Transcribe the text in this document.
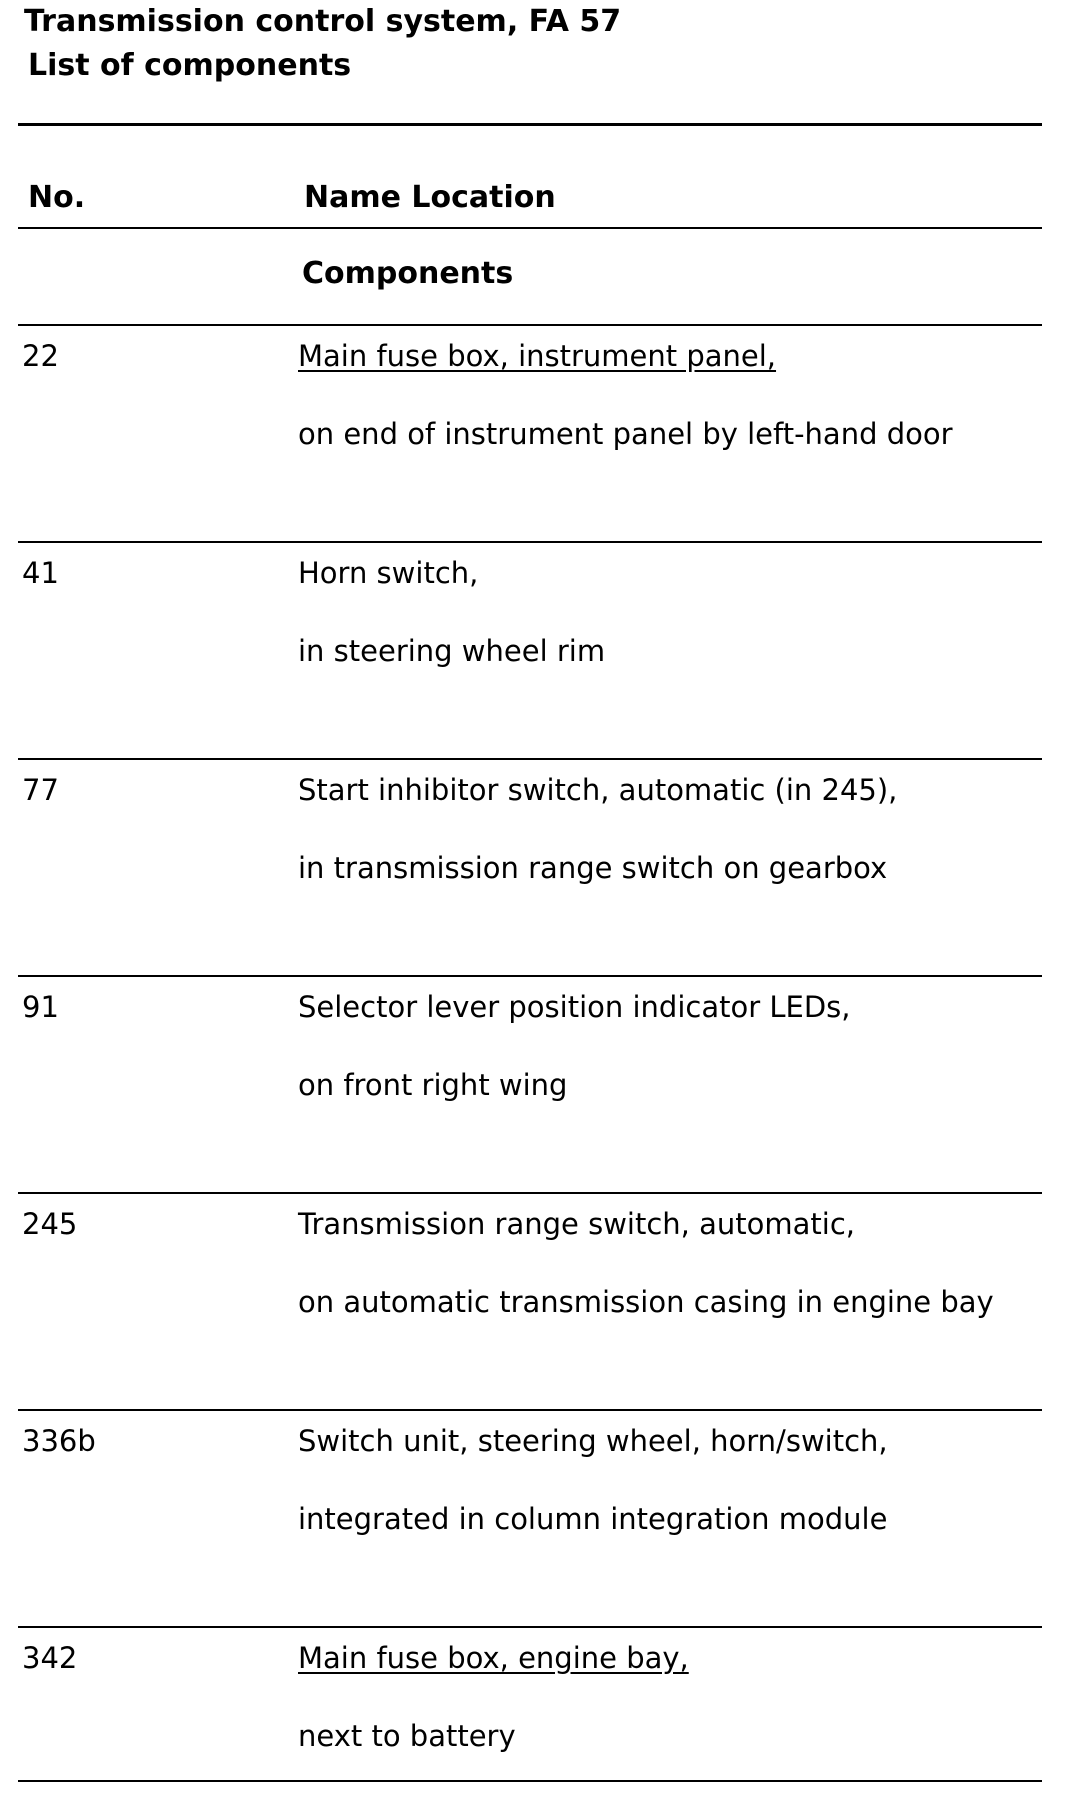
Transmission control system, FA 57
List of components
No.	Name Location
Components
22	Main fuse box, instrument panel,
on end of instrument panel by left-hand door
41	Horn switch,
in steering wheel rim
77	Start inhibitor switch, automatic (in 245),
in transmission range switch on gearbox
91	Selector lever position indicator LEDs,
on front right wing
245	Transmission range switch, automatic,
on automatic transmission casing in engine bay
336b	Switch unit, steering wheel, horn/switch,
integrated in column integration module
342	Main fuse box, engine bay,
next to battery
